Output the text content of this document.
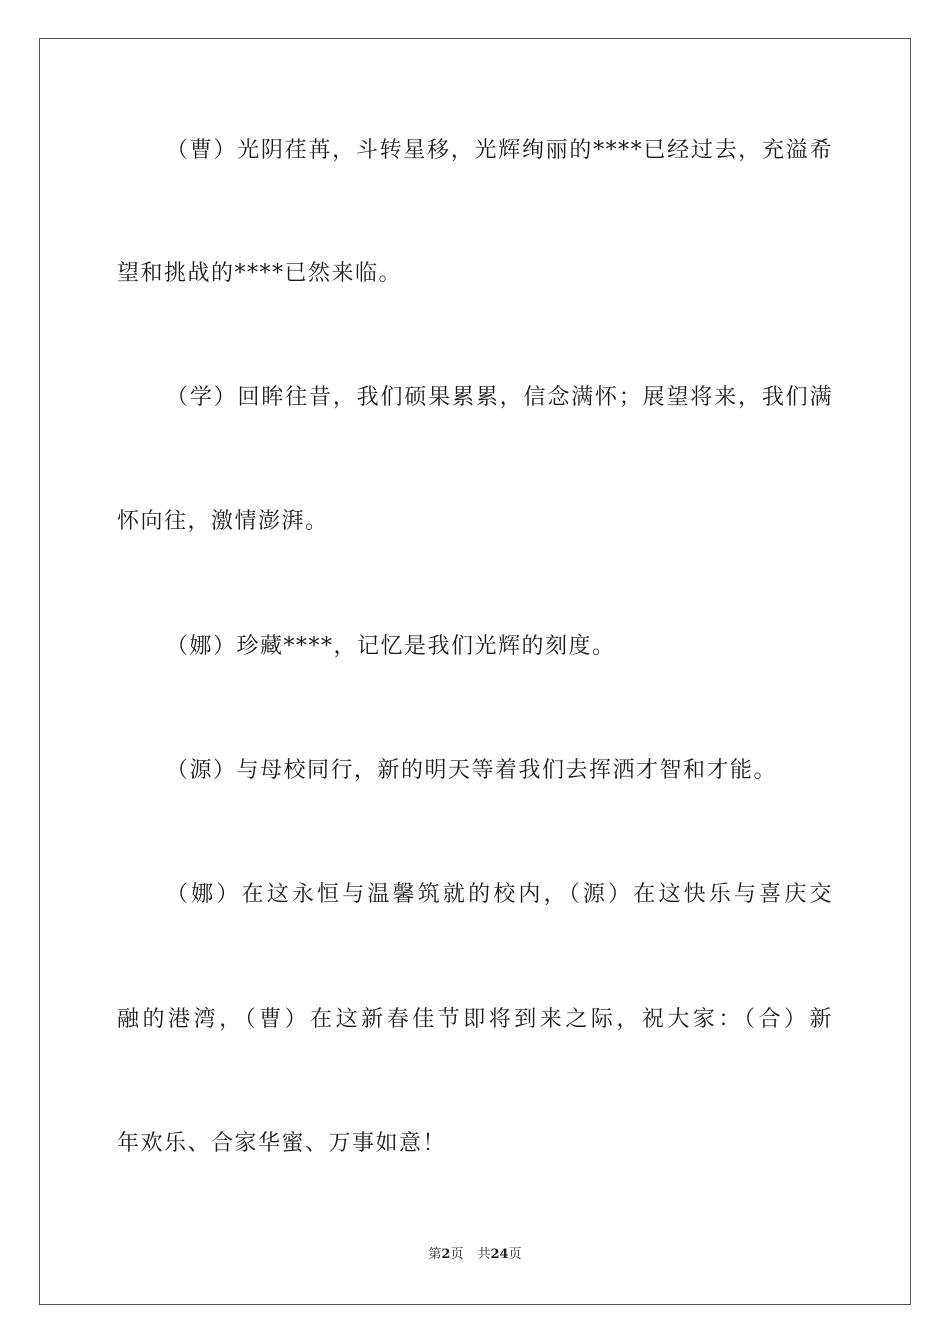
（曹）光阴荏苒，斗转星移，光辉绚丽的****已经过去，充溢希
望和挑战的****已然来临。
（学）回眸往昔，我们硕果累累，信念满怀；展望将来，我们满
怀向往，激情澎湃。
（娜）珍藏****，记忆是我们光辉的刻度。
（源）与母校同行，新的明天等着我们去挥洒才智和才能。
（娜）在这永恒与温馨筑就的校内，（源）在这快乐与喜庆交
融的港湾，（曹）在这新春佳节即将到来之际，祝大家：（合）新
年欢乐、合家华蜜、万事如意！
第2页 共24页
